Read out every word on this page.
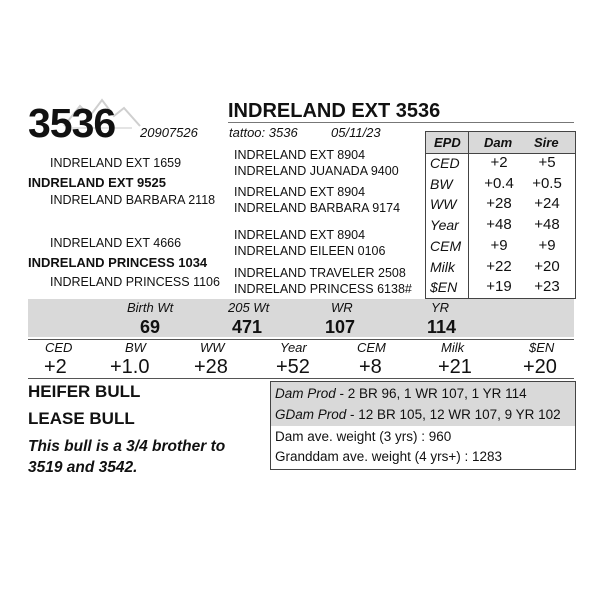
3536	INDRELAND EXT 3536
20907526 tattoo: 3536	05/11/23
INDRELAND EXT 1659
INDRELAND EXT 9525
INDRELAND BARBARA 2118
INDRELAND EXT 8904
INDRELAND JUANADA 9400
INDRELAND EXT 8904
INDRELAND BARBARA 9174
INDRELAND EXT 4666
INDRELAND PRINCESS 1034
INDRELAND PRINCESS 1106
INDRELAND EXT 8904
INDRELAND EILEEN 0106
INDRELAND TRAVELER 2508
INDRELAND PRINCESS 6138#
EPD Dam Sire
CED	+2	+5
BW	+0.4	+0.5
WW	+28	+24
Year	+48	+48
CEM	+9	+9
Milk	+22	+20
$EN	+19	+23
Birth Wt	205 Wt	WR	YR
69	471	107	114
CED	BW	WW	Year	CEM	Milk	$EN
+2 +1.0 +28 +52 +8	+21	+20
HEIFER BULL
LEASE BULL
This bull is a 3/4 brother to 3519 and 3542.
Dam Prod - 2 BR 96, 1 WR 107, 1 YR 114
GDam Prod - 12 BR 105, 12 WR 107, 9 YR 102
Dam ave. weight (3 yrs) : 960
Granddam ave. weight (4 yrs+) : 1283
